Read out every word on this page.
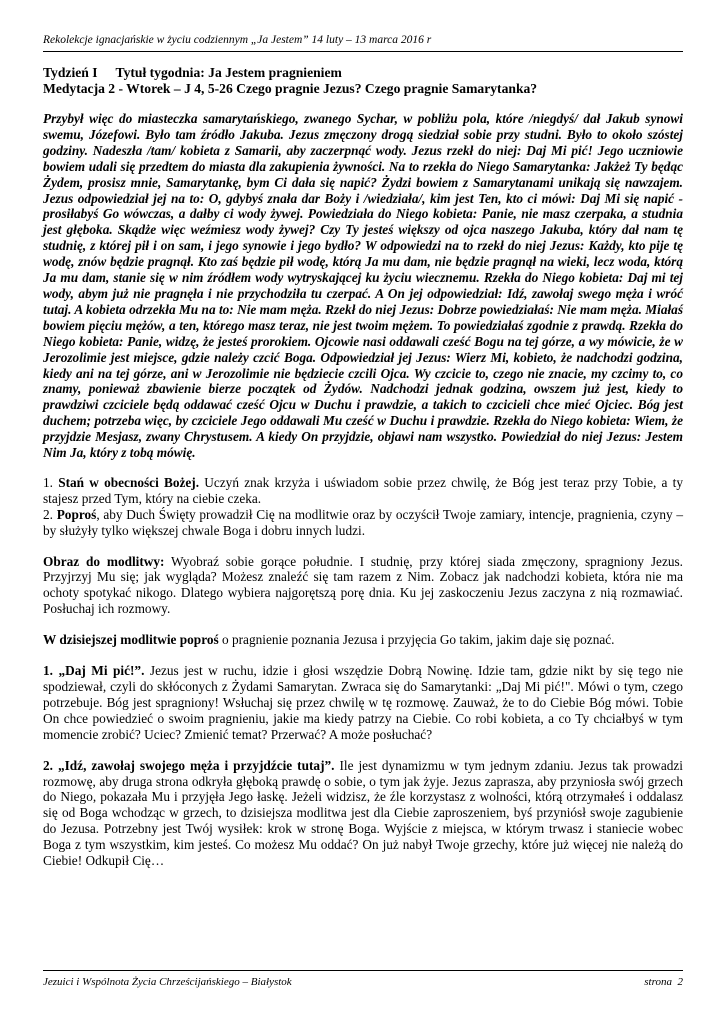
Rekolekcje ignacjańskie w życiu codziennym „Ja Jestem” 14 luty – 13 marca 2016 r
Tydzień I Tytuł tygodnia: Ja Jestem pragnieniem
Medytacja 2 - Wtorek – J 4, 5-26 Czego pragnie Jezus? Czego pragnie Samarytanka?

Przybył więc do miasteczka samarytańskiego, zwanego Sychar, w pobliżu pola, które /niegdyś/ dał Jakub synowi swemu, Józefowi. Było tam źródło Jakuba. Jezus zmęczony drogą siedział sobie przy studni. Było to około szóstej godziny. Nadeszła /tam/ kobieta z Samarii, aby zaczerpnąć wody. Jezus rzekł do niej: Daj Mi pić! Jego uczniowie bowiem udali się przedtem do miasta dla zakupienia żywności. Na to rzekła do Niego Samarytanka: Jakżeż Ty będąc Żydem, prosisz mnie, Samarytankę, bym Ci dała się napić? Żydzi bowiem z Samarytanami unikają się nawzajem. Jezus odpowiedział jej na to: O, gdybyś znała dar Boży i /wiedziała/, kim jest Ten, kto ci mówi: Daj Mi się napić - prosiłabyś Go wówczas, a dałby ci wody żywej. Powiedziała do Niego kobieta: Panie, nie masz czerpaka, a studnia jest głęboka. Skądże więc weźmiesz wody żywej? Czy Ty jesteś większy od ojca naszego Jakuba, który dał nam tę studnię, z której pił i on sam, i jego synowie i jego bydło? W odpowiedzi na to rzekł do niej Jezus: Każdy, kto pije tę wodę, znów będzie pragnął. Kto zaś będzie pił wodę, którą Ja mu dam, nie będzie pragnął na wieki, lecz woda, którą Ja mu dam, stanie się w nim źródłem wody wytryskającej ku życiu wiecznemu. Rzekła do Niego kobieta: Daj mi tej wody, abym już nie pragnęła i nie przychodziła tu czerpać. A On jej odpowiedział: Idź, zawołaj swego męża i wróć tutaj. A kobieta odrzekła Mu na to: Nie mam męża. Rzekł do niej Jezus: Dobrze powiedziałaś: Nie mam męża. Miałaś bowiem pięciu mężów, a ten, którego masz teraz, nie jest twoim mężem. To powiedziałaś zgodnie z prawdą. Rzekła do Niego kobieta: Panie, widzę, że jesteś prorokiem. Ojcowie nasi oddawali cześć Bogu na tej górze, a wy mówicie, że w Jerozolimie jest miejsce, gdzie należy czcić Boga. Odpowiedział jej Jezus: Wierz Mi, kobieto, że nadchodzi godzina, kiedy ani na tej górze, ani w Jerozolimie nie będziecie czcili Ojca. Wy czcicie to, czego nie znacie, my czcimy to, co znamy, ponieważ zbawienie bierze początek od Żydów. Nadchodzi jednak godzina, owszem już jest, kiedy to prawdziwi czciciele będą oddawać cześć Ojcu w Duchu i prawdzie, a takich to czcicieli chce mieć Ojciec. Bóg jest duchem; potrzeba więc, by czciciele Jego oddawali Mu cześć w Duchu i prawdzie. Rzekła do Niego kobieta: Wiem, że przyjdzie Mesjasz, zwany Chrystusem. A kiedy On przyjdzie, objawi nam wszystko. Powiedział do niej Jezus: Jestem Nim Ja, który z tobą mówię.

1. Stań w obecności Bożej. Uczyń znak krzyża i uświadom sobie przez chwilę, że Bóg jest teraz przy Tobie, a ty stajesz przed Tym, który na ciebie czeka.

2. Poproś, aby Duch Święty prowadził Cię na modlitwie oraz by oczyścił Twoje zamiary, intencje, pragnienia, czyny – by służyły tylko większej chwale Boga i dobru innych ludzi.

Obraz do modlitwy: Wyobraź sobie gorące południe. I studnię, przy której siada zmęczony, spragniony Jezus. Przyjrzyj Mu się; jak wygląda? Możesz znaleźć się tam razem z Nim. Zobacz jak nadchodzi kobieta, która nie ma ochoty spotykać nikogo. Dlatego wybiera najgorętszą porę dnia. Ku jej zaskoczeniu Jezus zaczyna z nią rozmawiać. Posłuchaj ich rozmowy.

W dzisiejszej modlitwie poproś o pragnienie poznania Jezusa i przyjęcia Go takim, jakim daje się poznać.

1. „Daj Mi pić!”. Jezus jest w ruchu, idzie i głosi wszędzie Dobrą Nowinę. Idzie tam, gdzie nikt by się tego nie spodziewał, czyli do skłóconych z Żydami Samarytan. Zwraca się do Samarytanki: „Daj Mi pić!". Mówi o tym, czego potrzebuje. Bóg jest spragniony! Wsłuchaj się przez chwilę w tę rozmowę. Zauważ, że to do Ciebie Bóg mówi. Tobie On chce powiedzieć o swoim pragnieniu, jakie ma kiedy patrzy na Ciebie. Co robi kobieta, a co Ty chciałbyś w tym momencie zrobić? Uciec? Zmienić temat? Przerwać? A może posłuchać?

2. „Idź, zawołaj swojego męża i przyjdźcie tutaj”. Ile jest dynamizmu w tym jednym zdaniu. Jezus tak prowadzi rozmowę, aby druga strona odkryła głęboką prawdę o sobie, o tym jak żyje. Jezus zaprasza, aby przyniosła swój grzech do Niego, pokazała Mu i przyjęła Jego łaskę. Jeżeli widzisz, że źle korzystasz z wolności, którą otrzymałeś i oddalasz się od Boga wchodząc w grzech, to dzisiejsza modlitwa jest dla Ciebie zaproszeniem, byś przyniósł swoje zagubienie do Jezusa. Potrzebny jest Twój wysiłek: krok w stronę Boga. Wyjście z miejsca, w którym trwasz i staniecie wobec Boga z tym wszystkim, kim jesteś. Co możesz Mu oddać? On już nabył Twoje grzechy, które już więcej nie należą do Ciebie! Odkupił Cię…

Jezuici i Wspólnota Życia Chrześcijańskiego – Białystok	strona 2
